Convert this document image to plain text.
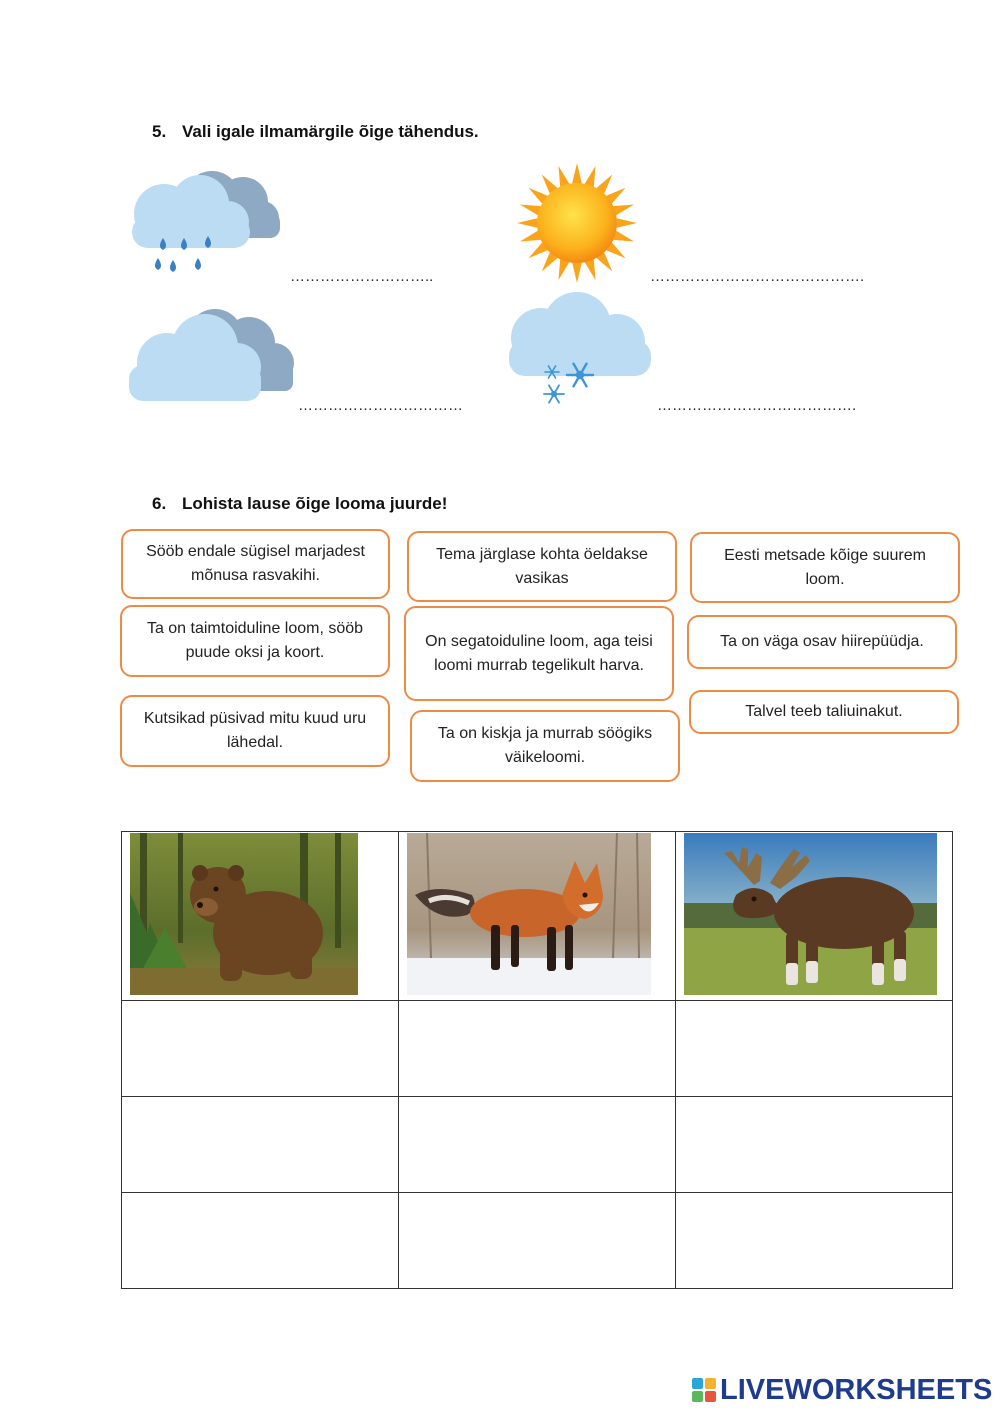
5. Vali igale ilmamärgile õige tähendus.
………………………..	…………………………………….
……………………………	………………………………….
6. Lohista lause õige looma juurde!
Sööb endale sügisel marjadest mõnusa rasvakihi.
Tema järglase kohta öeldakse vasikas
Eesti metsade kõige suurem loom.
Ta on taimtoiduline loom, sööb puude oksi ja koort.
On segatoiduline loom, aga teisi loomi murrab tegelikult harva.
Ta on väga osav hiirepüüdja.
Kutsikad püsivad mitu kuud uru lähedal.
Ta on kiskja ja murrab söögiks väikeloomi.
Talvel teeb taliuinakut.

LIVEWORKSHEETS
